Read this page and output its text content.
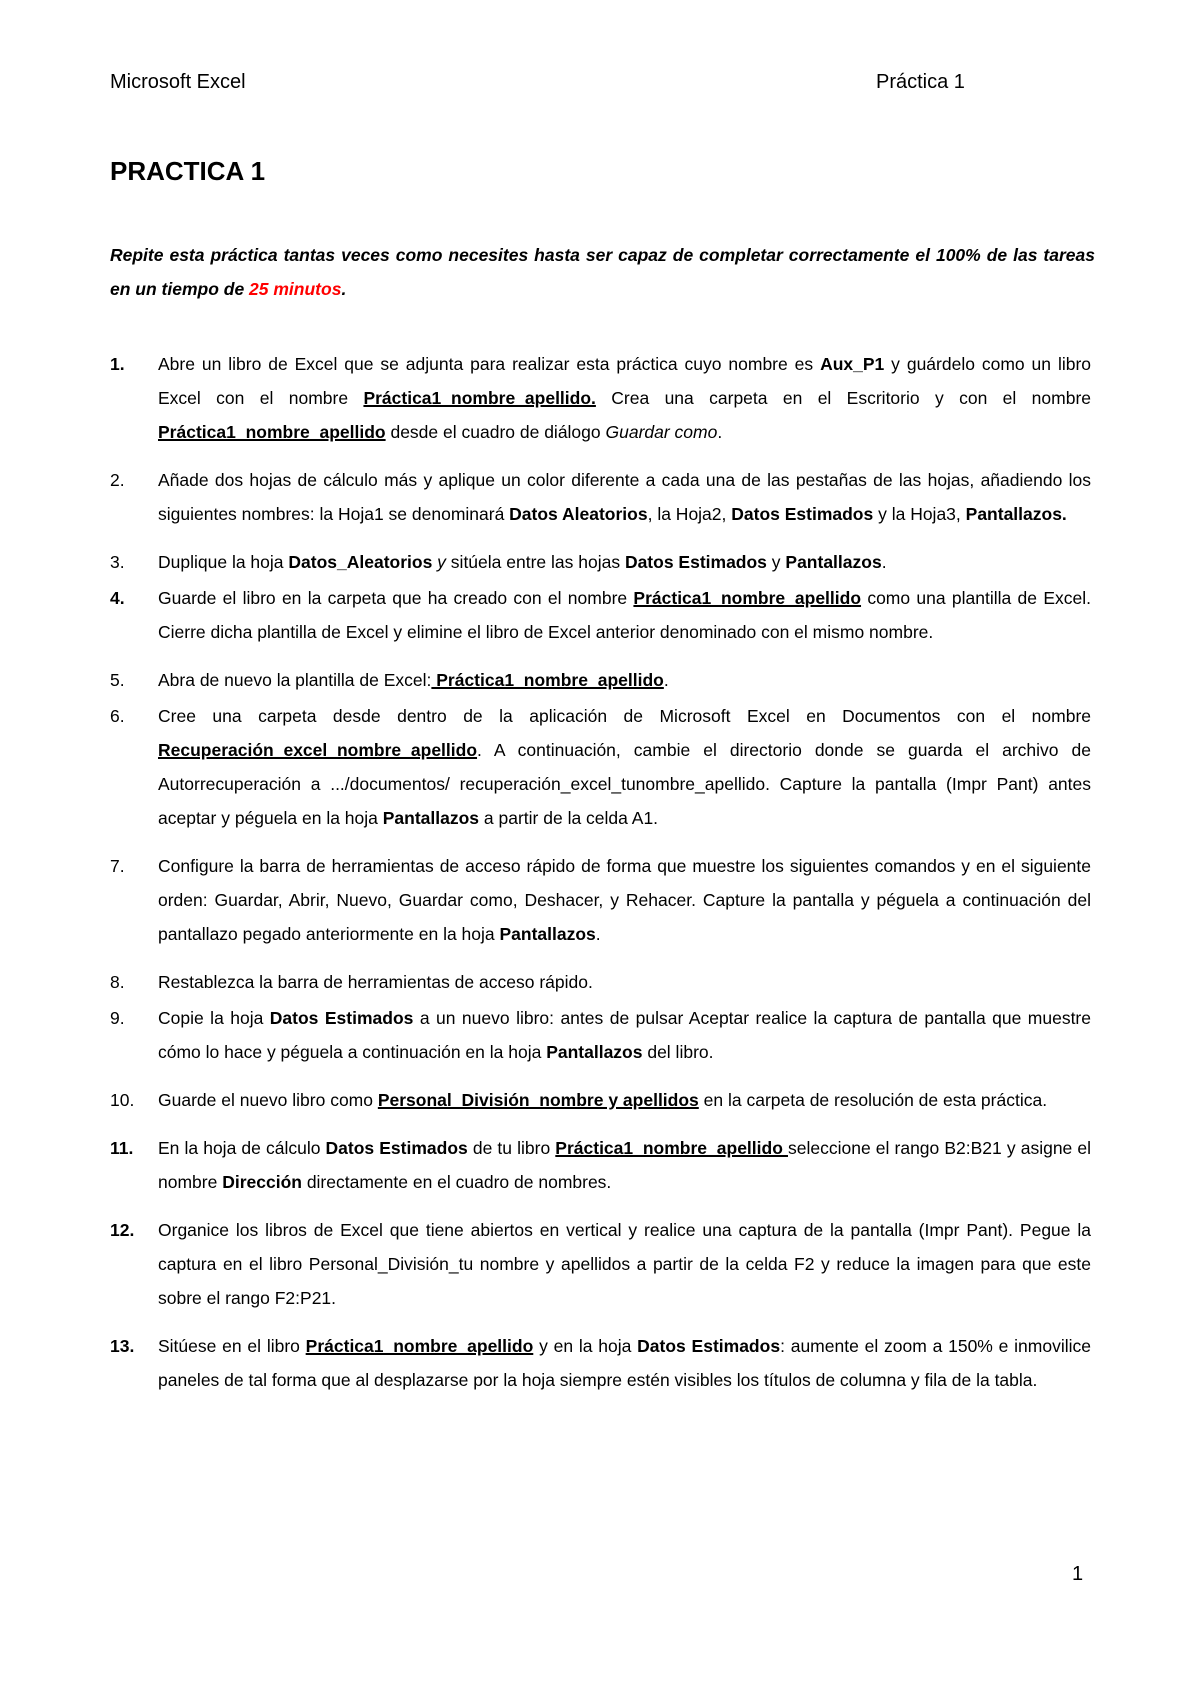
Microsoft Excel	Práctica 1
PRACTICA 1

Repite esta práctica tantas veces como necesites hasta ser capaz de completar correctamente el 100% de las tareas en un tiempo de 25 minutos.

1. Abre un libro de Excel que se adjunta para realizar esta práctica cuyo nombre es Aux_P1 y guárdelo como un libro Excel con el nombre Práctica1_nombre_apellido. Crea una carpeta en el Escritorio y con el nombre Práctica1_nombre_apellido desde el cuadro de diálogo Guardar como.
2. Añade dos hojas de cálculo más y aplique un color diferente a cada una de las pestañas de las hojas, añadiendo los siguientes nombres: la Hoja1 se denominará Datos Aleatorios, la Hoja2, Datos Estimados y la Hoja3, Pantallazos.
3. Duplique la hoja Datos_Aleatorios y sitúela entre las hojas Datos Estimados y Pantallazos.
4. Guarde el libro en la carpeta que ha creado con el nombre Práctica1_nombre_apellido como una plantilla de Excel. Cierre dicha plantilla de Excel y elimine el libro de Excel anterior denominado con el mismo nombre.
5. Abra de nuevo la plantilla de Excel: Práctica1_nombre_apellido.
6. Cree una carpeta desde dentro de la aplicación de Microsoft Excel en Documentos con el nombre Recuperación_excel_nombre_apellido. A continuación, cambie el directorio donde se guarda el archivo de Autorrecuperación a .../documentos/ recuperación_excel_tunombre_apellido. Capture la pantalla (Impr Pant) antes aceptar y péguela en la hoja Pantallazos a partir de la celda A1.
7. Configure la barra de herramientas de acceso rápido de forma que muestre los siguientes comandos y en el siguiente orden: Guardar, Abrir, Nuevo, Guardar como, Deshacer, y Rehacer. Capture la pantalla y péguela a continuación del pantallazo pegado anteriormente en la hoja Pantallazos.
8. Restablezca la barra de herramientas de acceso rápido.
9. Copie la hoja Datos Estimados a un nuevo libro: antes de pulsar Aceptar realice la captura de pantalla que muestre cómo lo hace y péguela a continuación en la hoja Pantallazos del libro.
10. Guarde el nuevo libro como Personal_División_nombre y apellidos en la carpeta de resolución de esta práctica.
11. En la hoja de cálculo Datos Estimados de tu libro Práctica1_nombre_apellido seleccione el rango B2:B21 y asigne el nombre Dirección directamente en el cuadro de nombres.
12. Organice los libros de Excel que tiene abiertos en vertical y realice una captura de la pantalla (Impr Pant). Pegue la captura en el libro Personal_División_tu nombre y apellidos a partir de la celda F2 y reduce la imagen para que este sobre el rango F2:P21.
13. Sitúese en el libro Práctica1_nombre_apellido y en la hoja Datos Estimados: aumente el zoom a 150% e inmovilice paneles de tal forma que al desplazarse por la hoja siempre estén visibles los títulos de columna y fila de la tabla.
1
